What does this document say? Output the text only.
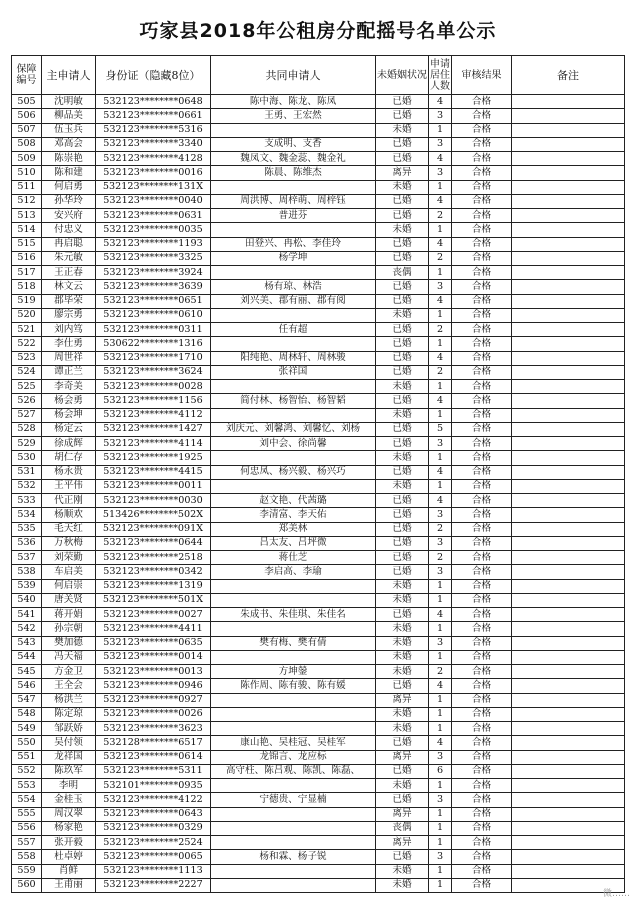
巧家县2018年公租房分配摇号名单公示
保障编号	主申请人	身份证（隐藏8位）	共同申请人	未婚姻状况	申请居住人数	审核结果	备注
505	沈明敏	532123********0648	陈中海、陈龙、陈凤	已婚	4	合格	
506	柳品美	532123********0661	王勇、王宏然	已婚	3	合格	
507	伍玉兵	532123********5316		未婚	1	合格	
508	邓高会	532123********3340	支成明、支香	已婚	3	合格	
509	陈崇艳	532123********4128	魏凤文、魏金蕊、魏金礼	已婚	4	合格	
510	陈和建	532123********0016	陈晨、陈维杰	离异	3	合格	
511	何启勇	532123********131X		未婚	1	合格	
512	孙华玲	532123********0040	周洪博、周梓萌、周梓钰	已婚	4	合格	
513	安兴府	532123********0631	普进芬	已婚	2	合格	
514	付忠义	532123********0035		未婚	1	合格	
515	冉启聪	532123********1193	田登兴、冉松、李佳玲	已婚	4	合格	
516	朱元敏	532123********3325	杨学坤	已婚	2	合格	
517	王正春	532123********3924		丧偶	1	合格	
518	林文云	532123********3639	杨有琼、林浩	已婚	3	合格	
519	郡毕荣	532123********0651	刘兴美、郡有丽、郡有阅	已婚	4	合格	
520	廖宗勇	532123********0610		未婚	1	合格	
521	刘内笃	532123********0311	任有超	已婚	2	合格	
522	李仕勇	530622********1316		已婚	1	合格	
523	周世祥	532123********1710	阳纯艳、周林轩、周林骏	已婚	4	合格	
524	谭正兰	532123********3624	张祥国	已婚	2	合格	
525	李奇美	532123********0028		未婚	1	合格	
526	杨会勇	532123********1156	简付林、杨智怡、杨智韬	已婚	4	合格	
527	杨会坤	532123********4112		未婚	1	合格	
528	杨定云	532123********1427	刘庆元、刘馨鸿、刘馨忆、刘杨	已婚	5	合格	
529	徐成辉	532123********4114	刘中会、徐尚馨	已婚	3	合格	
530	胡仁存	532123********1925		未婚	1	合格	
531	杨永贵	532123********4415	何忠凤、杨兴毅、杨兴巧	已婚	4	合格	
532	王平伟	532123********0011		未婚	1	合格	
533	代正刚	532123********0030	赵文艳、代茜璐	已婚	4	合格	
534	杨顺欢	513426********502X	李清富、李天佑	已婚	3	合格	
535	毛天红	532123********091X	郑美林	已婚	2	合格	
536	万秋梅	532123********0644	吕太友、吕坪微	已婚	3	合格	
537	刘荣勤	532123********2518	蒋仕芝	已婚	2	合格	
538	车启美	532123********0342	李启高、李瑜	已婚	3	合格	
539	何启崇	532123********1319		未婚	1	合格	
540	唐关贤	532123********501X		未婚	1	合格	
541	蒋开娟	532123********0027	朱成书、朱佳琪、朱佳名	已婚	4	合格	
542	孙宗朝	532123********4411		未婚	1	合格	
543	樊加德	532123********0635	樊有梅、樊有倩	未婚	3	合格	
544	冯天福	532123********0014		未婚	1	合格	
545	方金卫	532123********0013	方坤鎣	未婚	2	合格	
546	王全会	532123********0946	陈作周、陈有骏、陈有媛	已婚	4	合格	
547	杨洪兰	532123********0927		离异	1	合格	
548	陈定琼	532123********0026		未婚	1	合格	
549	邹跃娇	532123********3623		未婚	1	合格	
550	吴付领	532128********6517	康山艳、吴桂冠、吴桂军	已婚	4	合格	
551	龙祥国	532123********0614	龙锦言、龙应标	离异	3	合格	
552	陈玖军	532123********5311	高守柱、陈吕观、陈凯、陈磊、	已婚	6	合格	
553	李明	532101********0935		未婚	1	合格	
554	金桂玉	532123********4122	宁德贵、宁显楠	已婚	3	合格	
555	周汉翠	532123********0643		离异	1	合格	
556	杨家艳	532123********0329		丧偶	1	合格	
557	张开毅	532123********2524		离异	1	合格	
558	杜卓婷	532123********0065	杨和霖、杨子锐	已婚	3	合格	
559	肖鲜	532123********1113		未婚	1	合格	
560	王甫丽	532123********2227		未婚	1	合格	
微……
